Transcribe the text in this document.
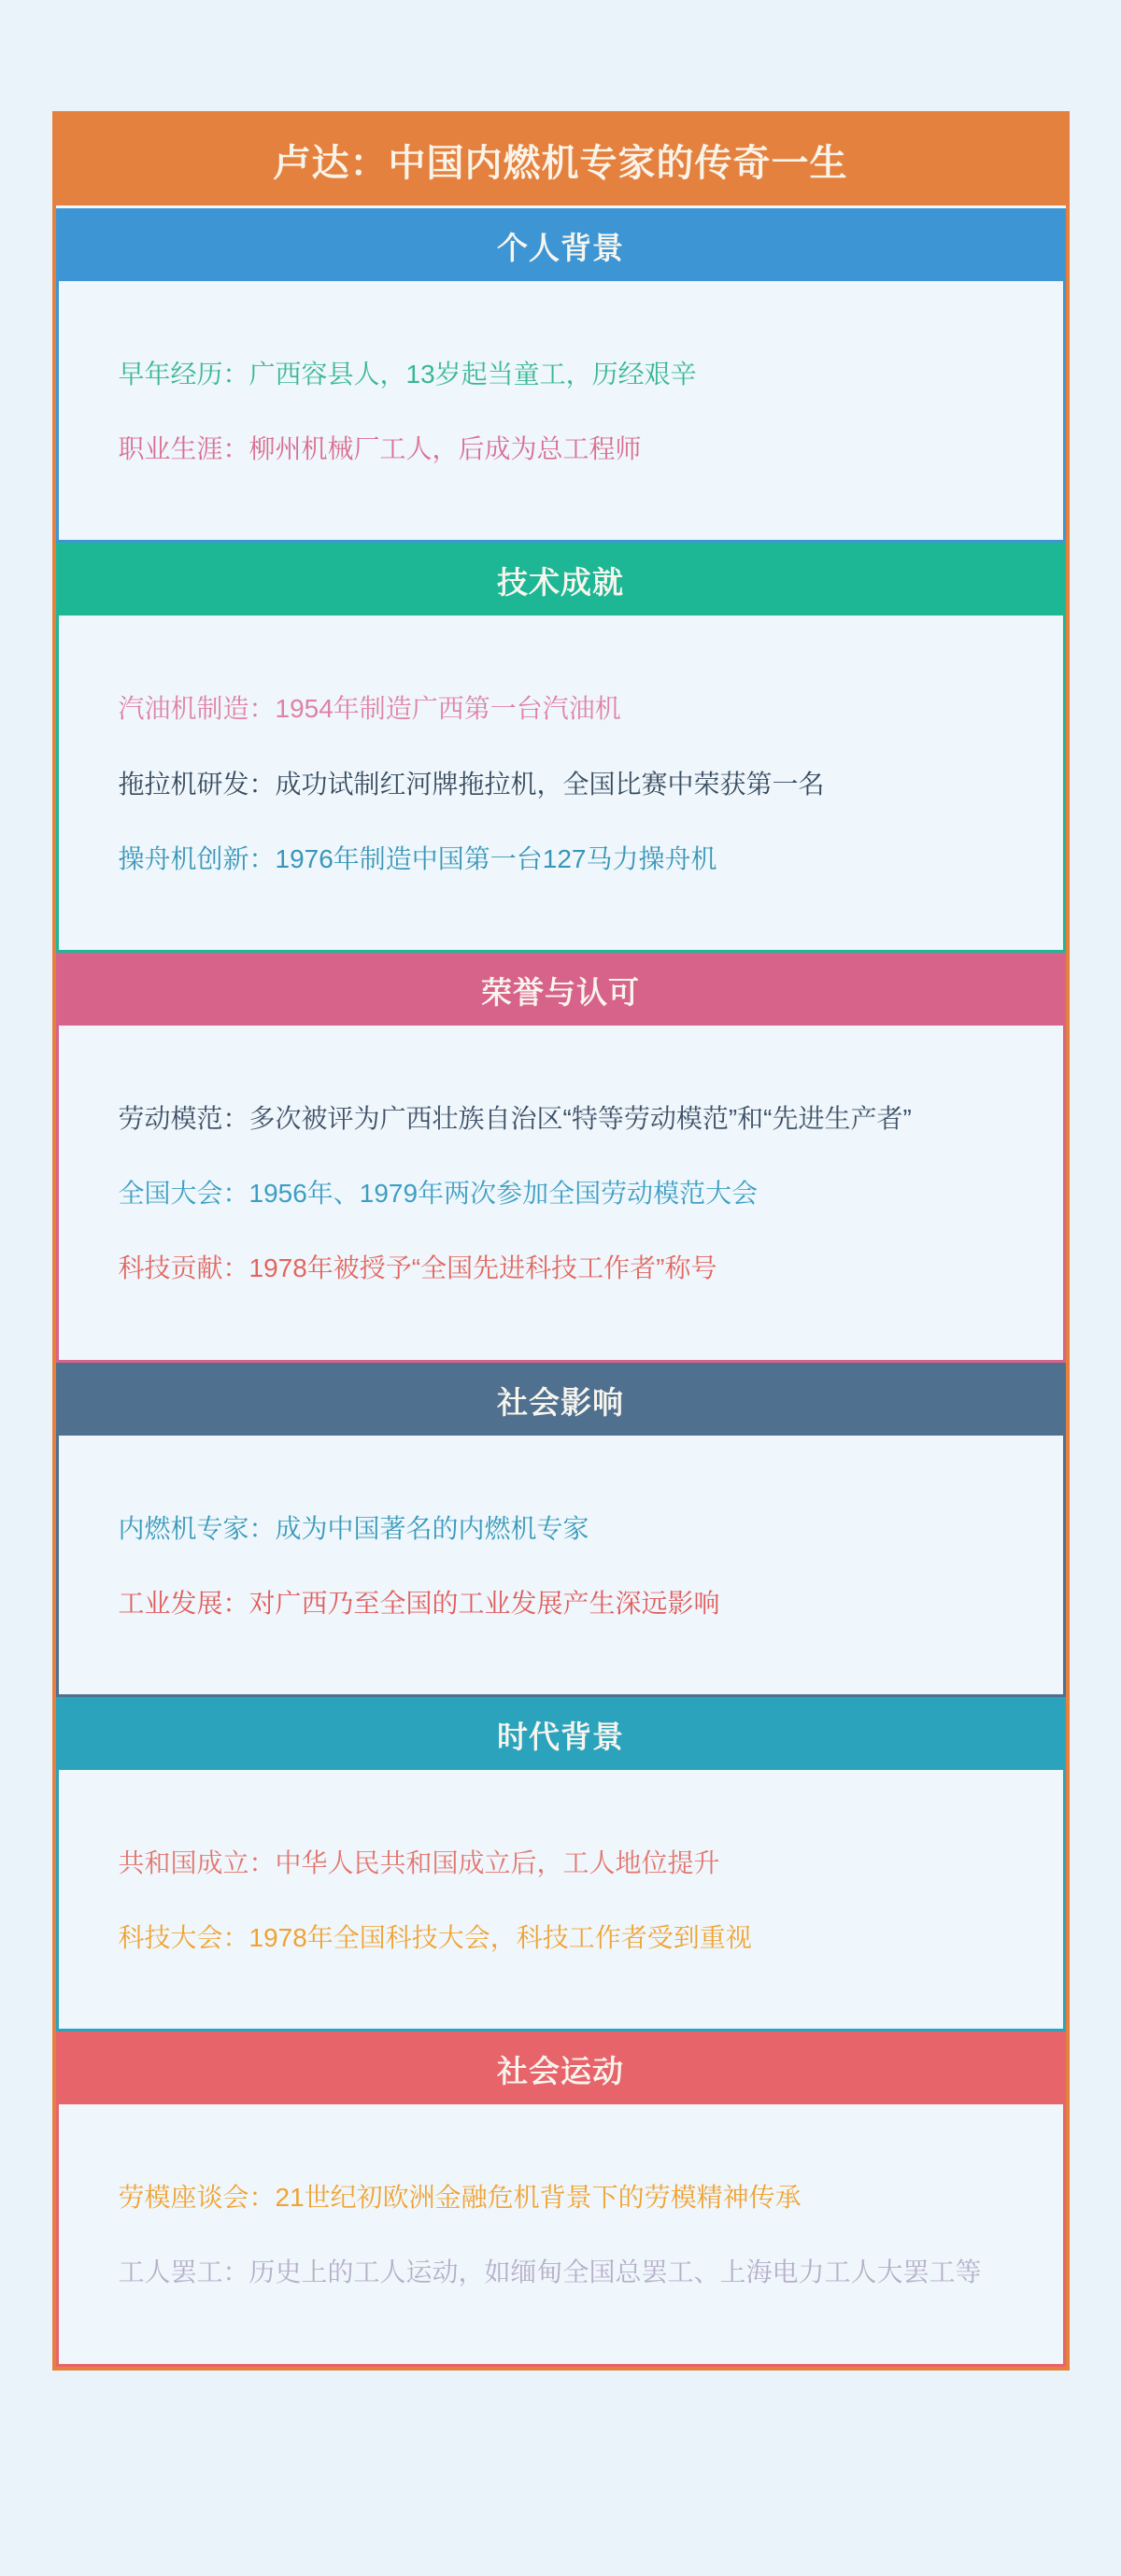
卢达：中国内燃机专家的传奇一生
个人背景

早年经历：广西容县人，13岁起当童工，历经艰辛

职业生涯：柳州机械厂工人，后成为总工程师

技术成就

汽油机制造：1954年制造广西第一台汽油机

拖拉机研发：成功试制红河牌拖拉机，全国比赛中荣获第一名

操舟机创新：1976年制造中国第一台127马力操舟机

荣誉与认可

劳动模范：多次被评为广西壮族自治区“特等劳动模范”和“先进生产者”

全国大会：1956年、1979年两次参加全国劳动模范大会

科技贡献：1978年被授予“全国先进科技工作者”称号

社会影响

内燃机专家：成为中国著名的内燃机专家

工业发展：对广西乃至全国的工业发展产生深远影响

时代背景

共和国成立：中华人民共和国成立后，工人地位提升

科技大会：1978年全国科技大会，科技工作者受到重视

社会运动

劳模座谈会：21世纪初欧洲金融危机背景下的劳模精神传承

工人罢工：历史上的工人运动，如缅甸全国总罢工、上海电力工人大罢工等
